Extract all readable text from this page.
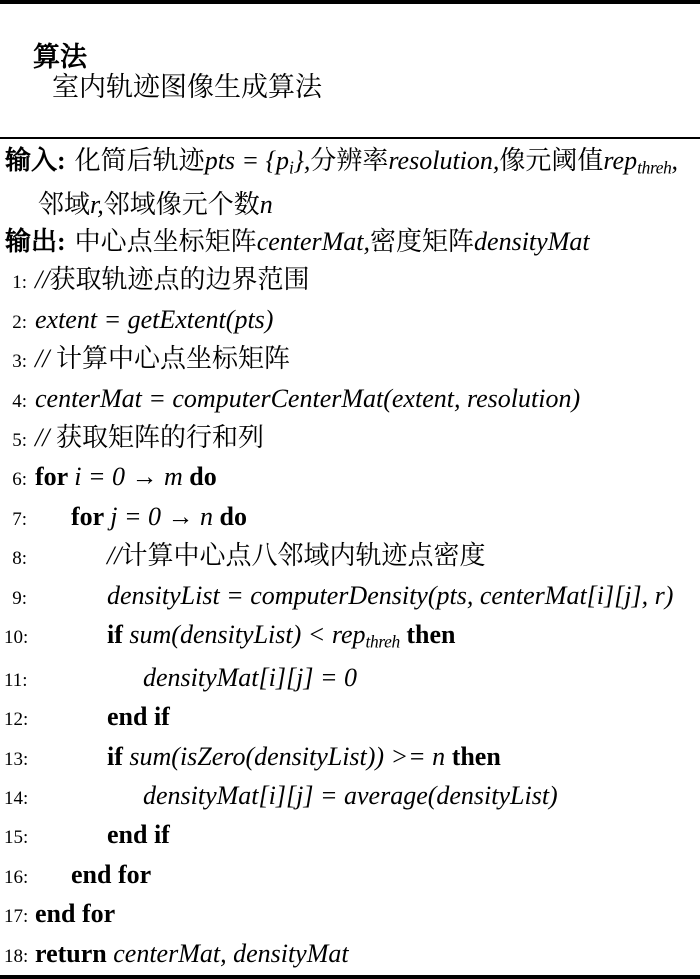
算法
室内轨迹图像生成算法

输入: 化简后轨迹pts = {pi},分辨率resolution,像元阈值repthreh,
邻域r,邻域像元个数n
输出: 中心点坐标矩阵centerMat,密度矩阵densityMat
1: //获取轨迹点的边界范围
2: extent = getExtent(pts)
3: // 计算中心点坐标矩阵
4: centerMat = computerCenterMat(extent, resolution)
5: // 获取矩阵的行和列
6: for i = 0 → m do
7:	for j = 0 → n do
8:	//计算中心点八邻域内轨迹点密度
9:	densityList = computerDensity(pts, centerMat[i][j], r)
10:	if sum(densityList) < repthreh then
11:	densityMat[i][j] = 0
12:	end if
13:	if sum(isZero(densityList)) >= n then
14:	densityMat[i][j] = average(densityList)
15:	end if
16:	end for
17: end for
18: return centerMat, densityMat
